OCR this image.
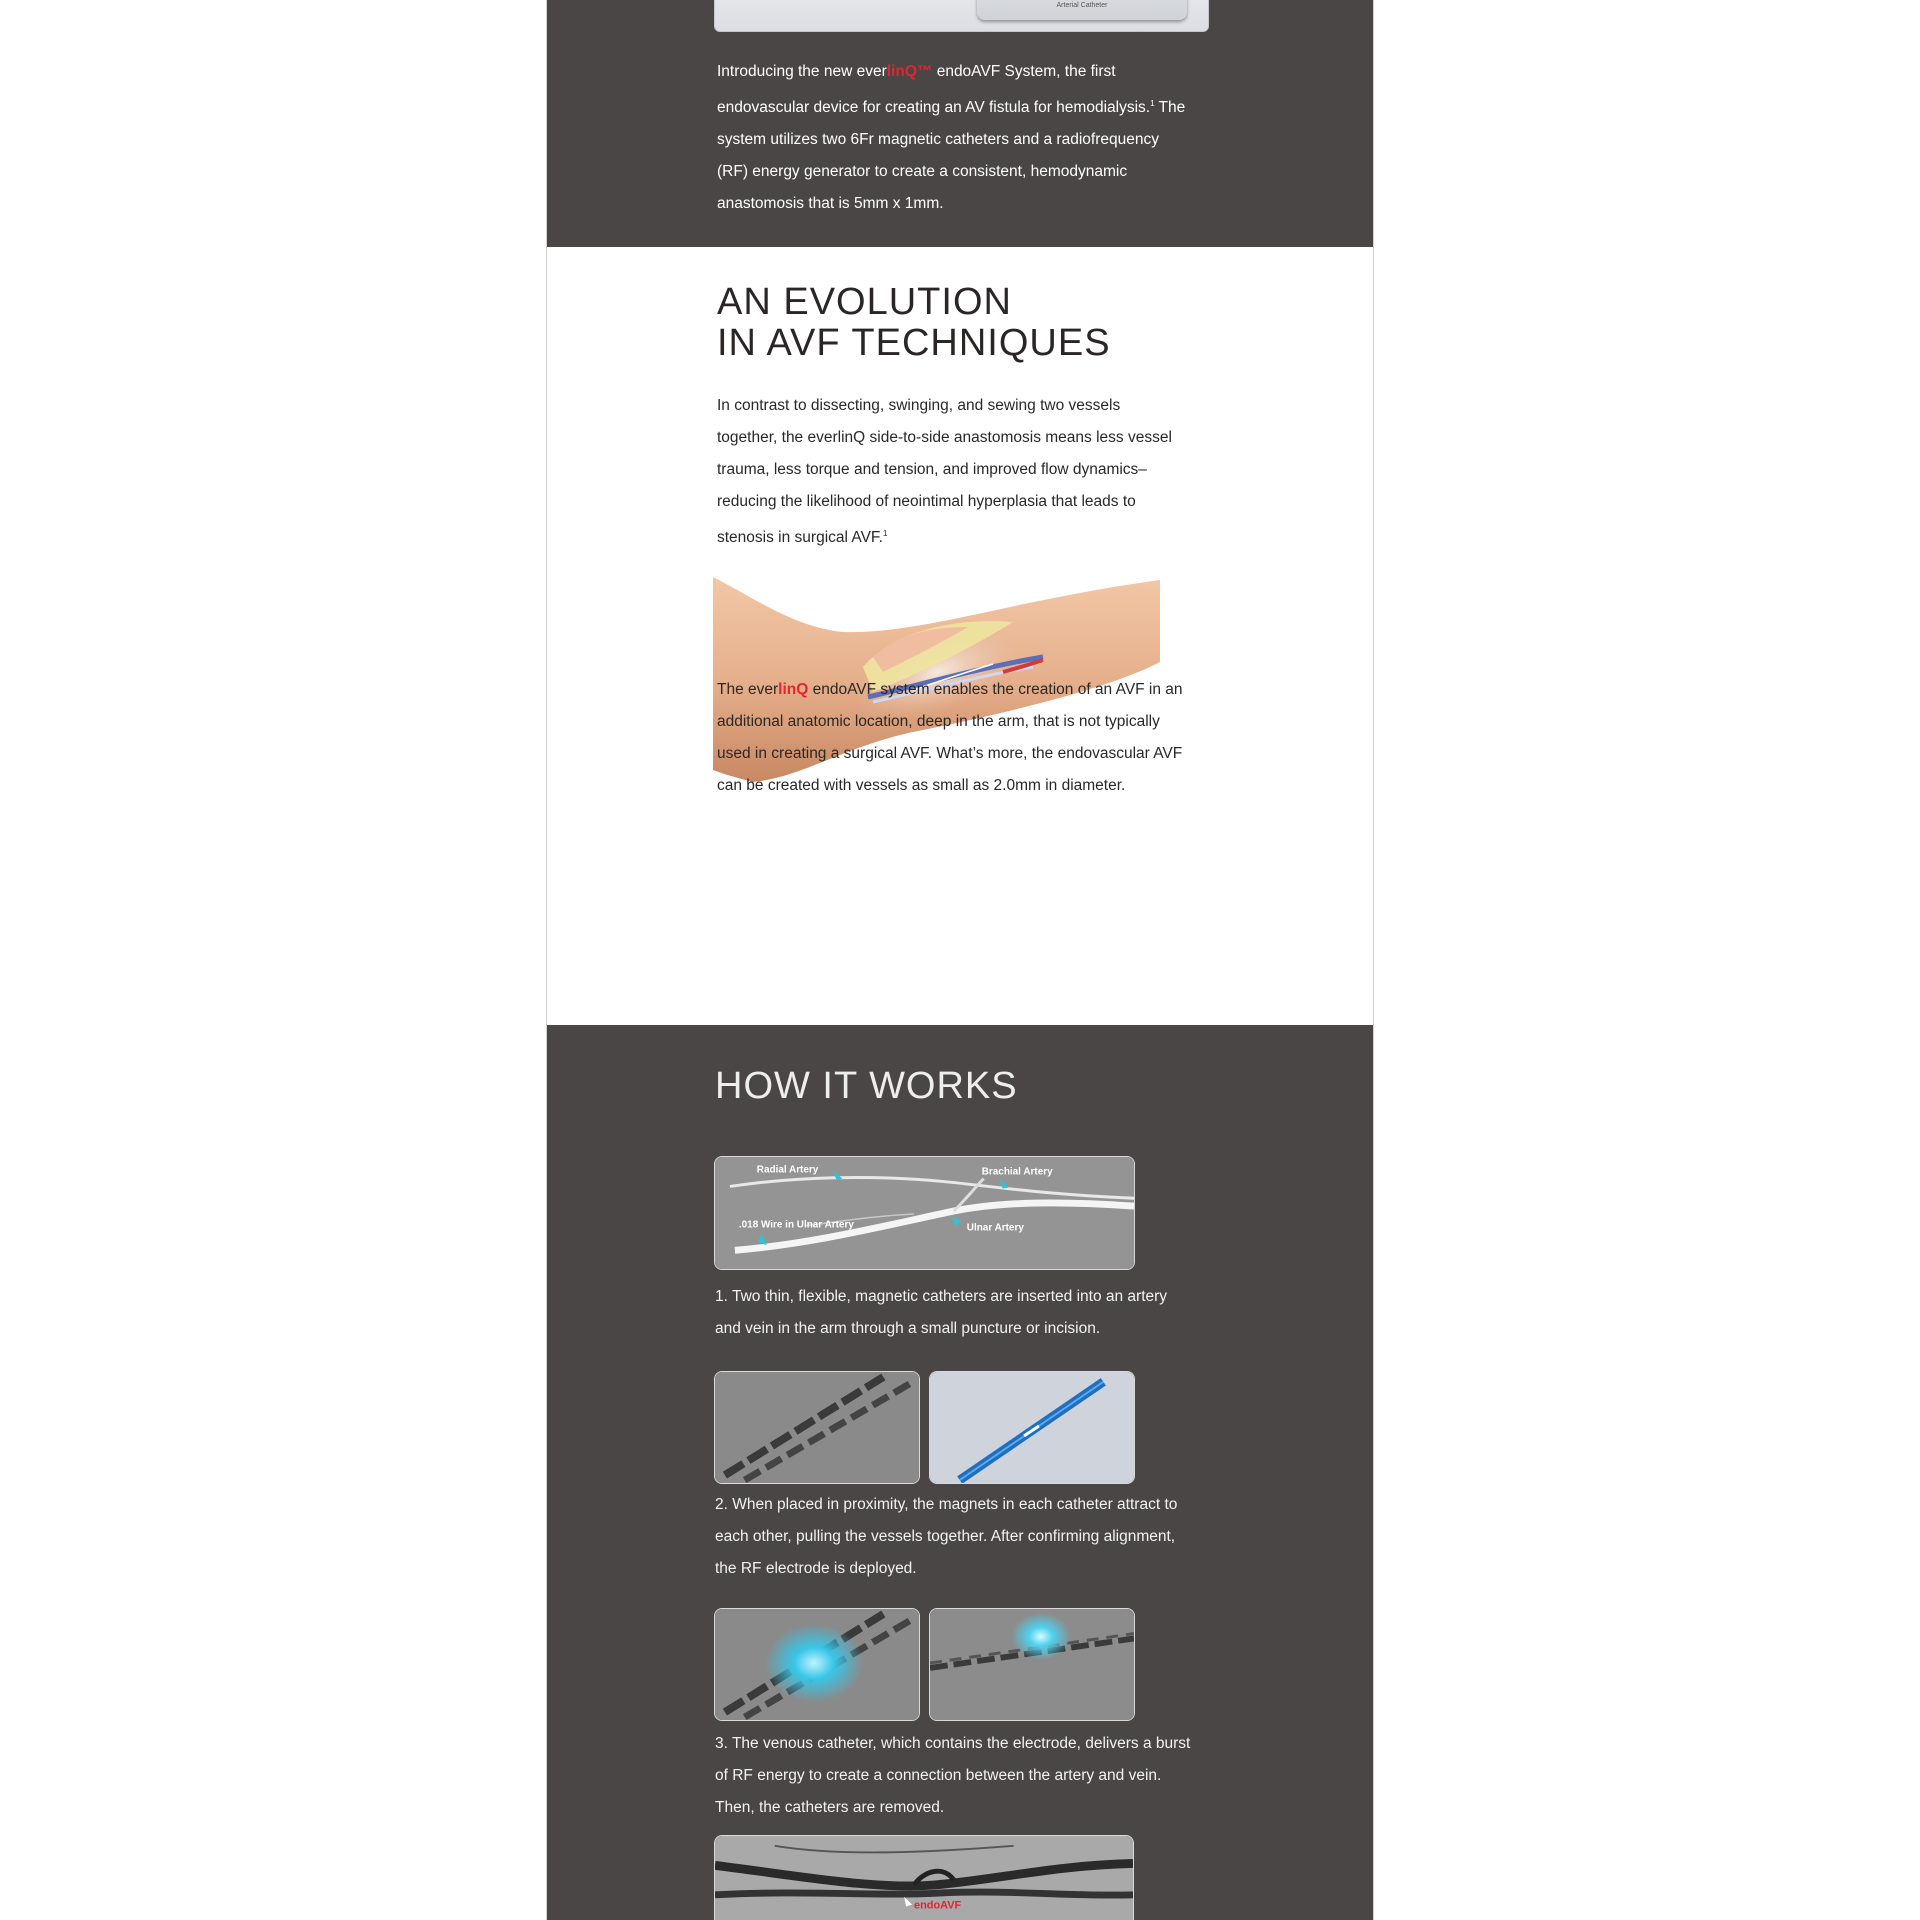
Arterial Catheter

Introducing the new everlinQ™ endoAVF System, the first endovascular device for creating an AV fistula for hemodialysis.$^1$ The system utilizes two 6Fr magnetic catheters and a radiofrequency (RF) energy generator to create a consistent, hemodynamic anastomosis that is 5mm x 1mm.

AN EVOLUTION
IN AVF TECHNIQUES

In contrast to dissecting, swinging, and sewing two vessels together, the everlinQ side-to-side anastomosis means less vessel trauma, less torque and tension, and improved flow dynamics–reducing the likelihood of neointimal hyperplasia that leads to stenosis in surgical AVF.$^1$

The everlinQ endoAVF system enables the creation of an AVF in an additional anatomic location, deep in the arm, that is not typically used in creating a surgical AVF. What’s more, the endovascular AVF can be created with vessels as small as 2.0mm in diameter.

HOW IT WORKS
Radial Artery	Brachial Artery
.018 Wire in Ulnar Artery	Ulnar Artery

1. Two thin, flexible, magnetic catheters are inserted into an artery and vein in the arm through a small puncture or incision.

2. When placed in proximity, the magnets in each catheter attract to each other, pulling the vessels together. After confirming alignment, the RF electrode is deployed.

3. The venous catheter, which contains the electrode, delivers a burst of RF energy to create a connection between the artery and vein. Then, the catheters are removed.

endoAVF
